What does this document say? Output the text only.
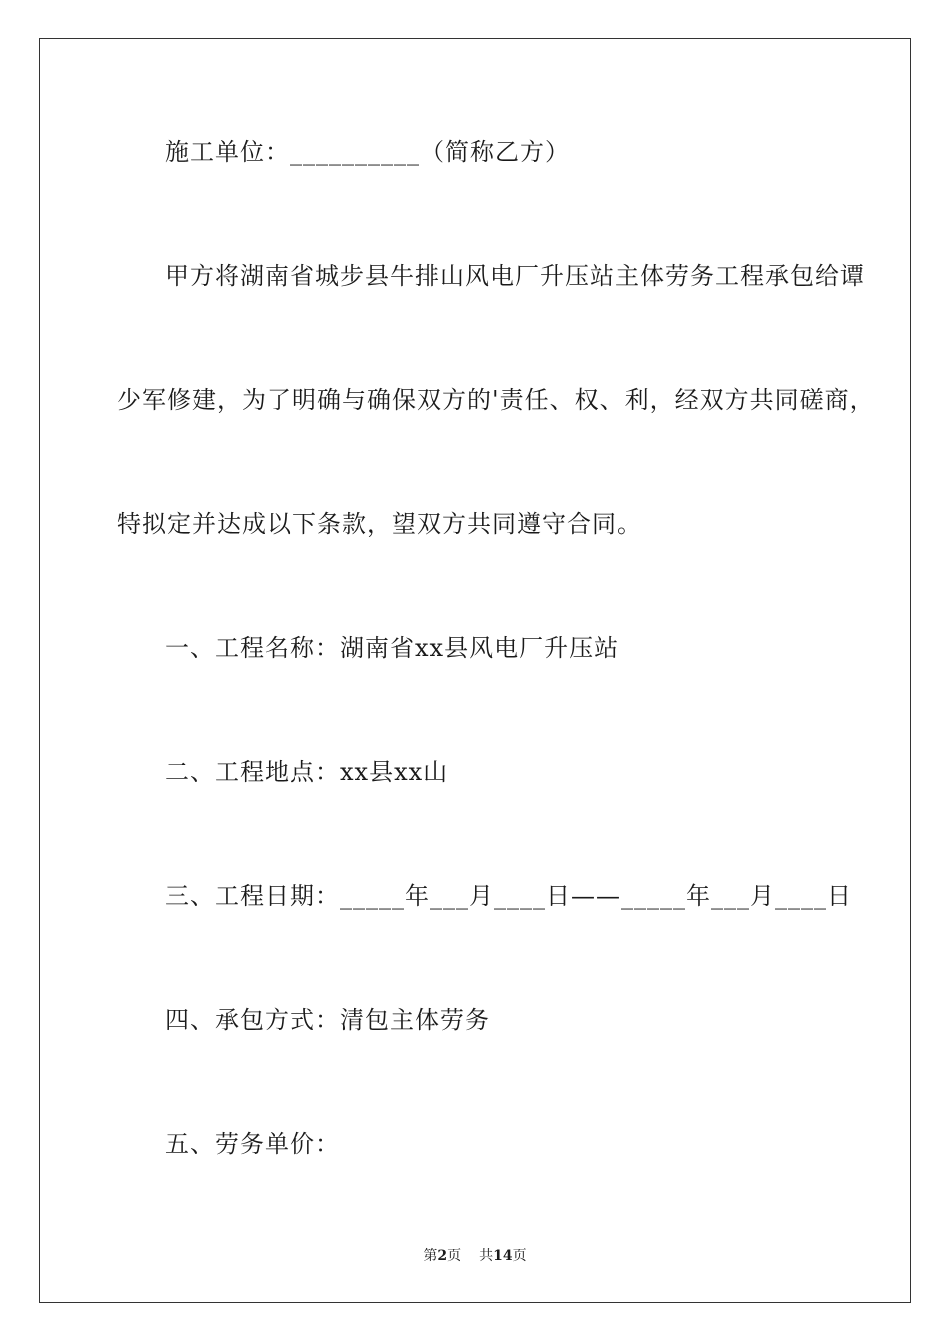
施工单位：__________（简称乙方）
甲方将湖南省城步县牛排山风电厂升压站主体劳务工程承包给谭
少军修建，为了明确与确保双方的'责任、权、利，经双方共同磋商，
特拟定并达成以下条款，望双方共同遵守合同。
一、工程名称：湖南省xx县风电厂升压站
二、工程地点：xx县xx山
三、工程日期：_____年___月____日——_____年___月____日
四、承包方式：清包主体劳务
五、劳务单价：
第2页 共14页
